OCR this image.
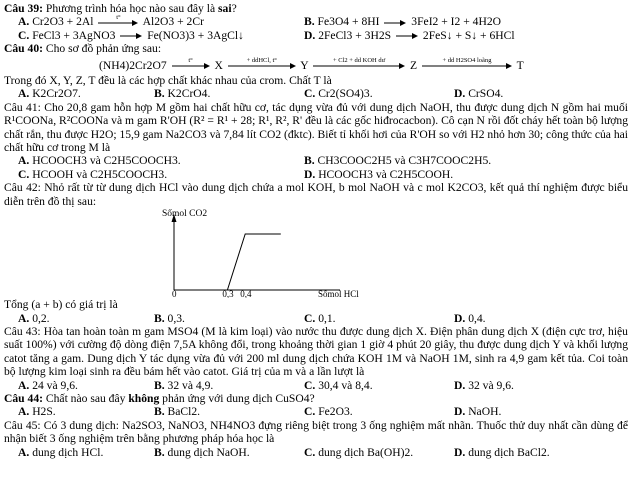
Câu 39: Phương trình hóa học nào sau đây là sai?

A. Cr2O3 + 2Al	t°	Al2O3 + 2Cr	B. Fe3O4 + 8HI → 3FeI2 + I2 + 4H2O
C. FeCl3 + 3AgNO3 → Fe(NO3)3 + 3AgCl↓	D. 2FeCl3 + 3H2S → 2FeS↓ + S↓ + 6HCl

Câu 40: Cho sơ đồ phản ứng sau:

(NH4)2Cr2O7	t°	X	+ ddHCl, t°	Y	+ Cl2 + dd KOH dư	Z	+ dd H2SO4 loãng	T

Trong đó X, Y, Z, T đều là các hợp chất khác nhau của crom. Chất T là

A. K2Cr2O7.	B. K2CrO4.	C. Cr2(SO4)3.	D. CrSO4.

Câu 41: Cho 20,8 gam hỗn hợp M gồm hai chất hữu cơ, tác dụng vừa đủ với dung dịch NaOH, thu được dung dịch N gồm hai muối R¹COONa, R²COONa và m gam R'OH (R² = R¹ + 28; R¹, R², R' đều là các gốc hiđrocacbon). Cô cạn N rồi đốt cháy hết toàn bộ lượng chất rắn, thu được H2O; 15,9 gam Na2CO3 và 7,84 lít CO2 (đktc). Biết tỉ khối hơi của R'OH so với H2 nhỏ hơn 30; công thức của hai chất hữu cơ trong M là

A. HCOOCH3 và C2H5COOCH3.	B. CH3COOC2H5 và C3H7COOC2H5.
C. HCOOH và C2H5COOCH3.	D. HCOOCH3 và C2H5COOH.

Câu 42: Nhỏ rất từ từ dung dịch HCl vào dung dịch chứa a mol KOH, b mol NaOH và c mol K2CO3, kết quả thí nghiệm được biểu diễn trên đồ thị sau:

Sốmol CO2
Sốmol HCl
0	0,3 0,4

Tổng (a + b) có giá trị là

A. 0,2.	B. 0,3.	C. 0,1.	D. 0,4.

Câu 43: Hòa tan hoàn toàn m gam MSO4 (M là kim loại) vào nước thu được dung dịch X. Điện phân dung dịch X (điện cực trơ, hiệu suất 100%) với cường độ dòng điện 7,5A không đổi, trong khoảng thời gian 1 giờ 4 phút 20 giây, thu được dung dịch Y và khối lượng catot tăng a gam. Dung dịch Y tác dụng vừa đủ với 200 ml dung dịch chứa KOH 1M và NaOH 1M, sinh ra 4,9 gam kết tủa. Coi toàn bộ lượng kim loại sinh ra đều bám hết vào catot. Giá trị của m và a lần lượt là

A. 24 và 9,6.	B. 32 và 4,9.	C. 30,4 và 8,4.	D. 32 và 9,6.

Câu 44: Chất nào sau đây không phản ứng với dung dịch CuSO4?

A. H2S.	B. BaCl2.	C. Fe2O3.	D. NaOH.

Câu 45: Có 3 dung dịch: Na2SO3, NaNO3, NH4NO3 đựng riêng biệt trong 3 ống nghiệm mất nhãn. Thuốc thử duy nhất cần dùng để nhận biết 3 ống nghiệm trên bằng phương pháp hóa học là

A. dung dịch HCl.	B. dung dịch NaOH.	C. dung dịch Ba(OH)2.	D. dung dịch BaCl2.
